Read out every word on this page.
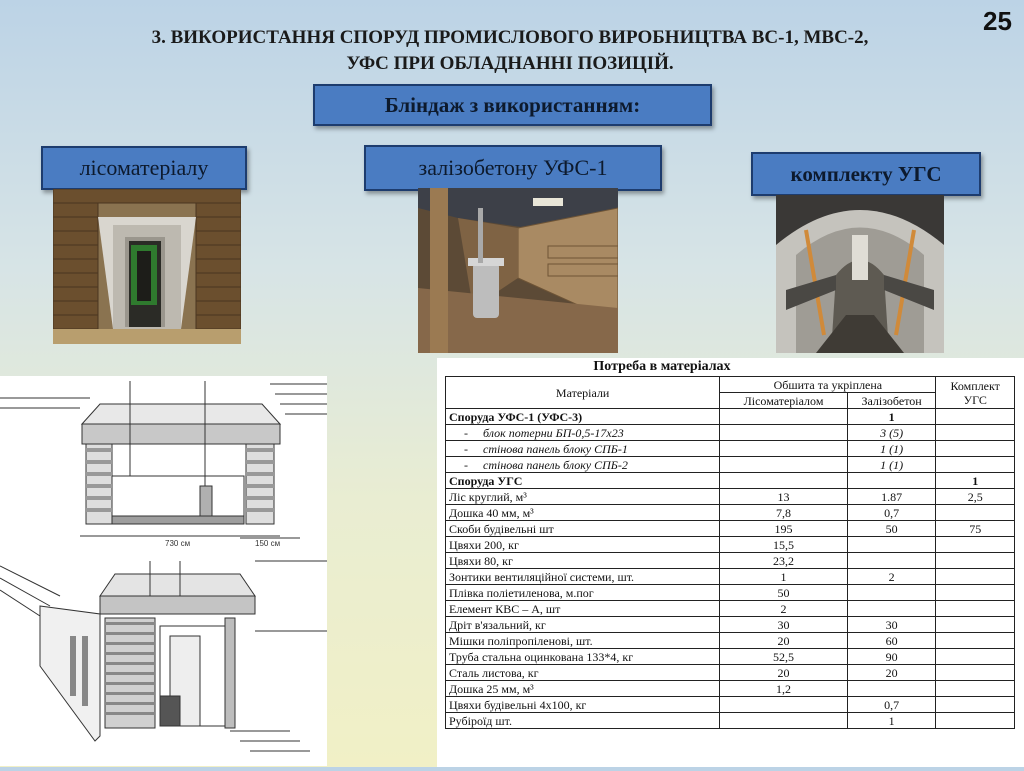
3. ВИКОРИСТАННЯ СПОРУД ПРОМИСЛОВОГО ВИРОБНИЦТВА ВС-1, МВС-2,
УФС ПРИ ОБЛАДНАННІ ПОЗИЦІЙ.
25
Бліндаж з використанням:
лісоматеріалу	залізобетону УФС-1	комплекту УГС
730 см	150 см
Потреба в матеріалах
Матеріали	Обшита та укріплена		Комплект УГС
	Лісоматеріалом	Залізобетон	
Споруда УФС-1 (УФС-3)		1	
- блок потерни БП-0,5-17х23		3 (5)	
- стінова панель блоку СПБ-1		1 (1)	
- стінова панель блоку СПБ-2		1 (1)	
Споруда УГС			1
Ліс круглий, м³	13	1.87	2,5
Дошка 40 мм, м³	7,8	0,7	
Скоби будівельні шт	195	50	75
Цвяхи 200, кг	15,5		
Цвяхи 80, кг	23,2		
Зонтики вентиляційної системи, шт.	1	2	
Плівка поліетиленова, м.пог	50		
Елемент КВС – А, шт	2		
Дріт в'язальний, кг	30	30	
Мішки поліпропіленові, шт.	20	60	
Труба стальна оцинкована 133*4, кг	52,5	90	
Сталь листова, кг	20	20	
Дошка 25 мм, м³	1,2		
Цвяхи будівельні 4х100, кг		0,7	
Рубіроїд шт.		1	
